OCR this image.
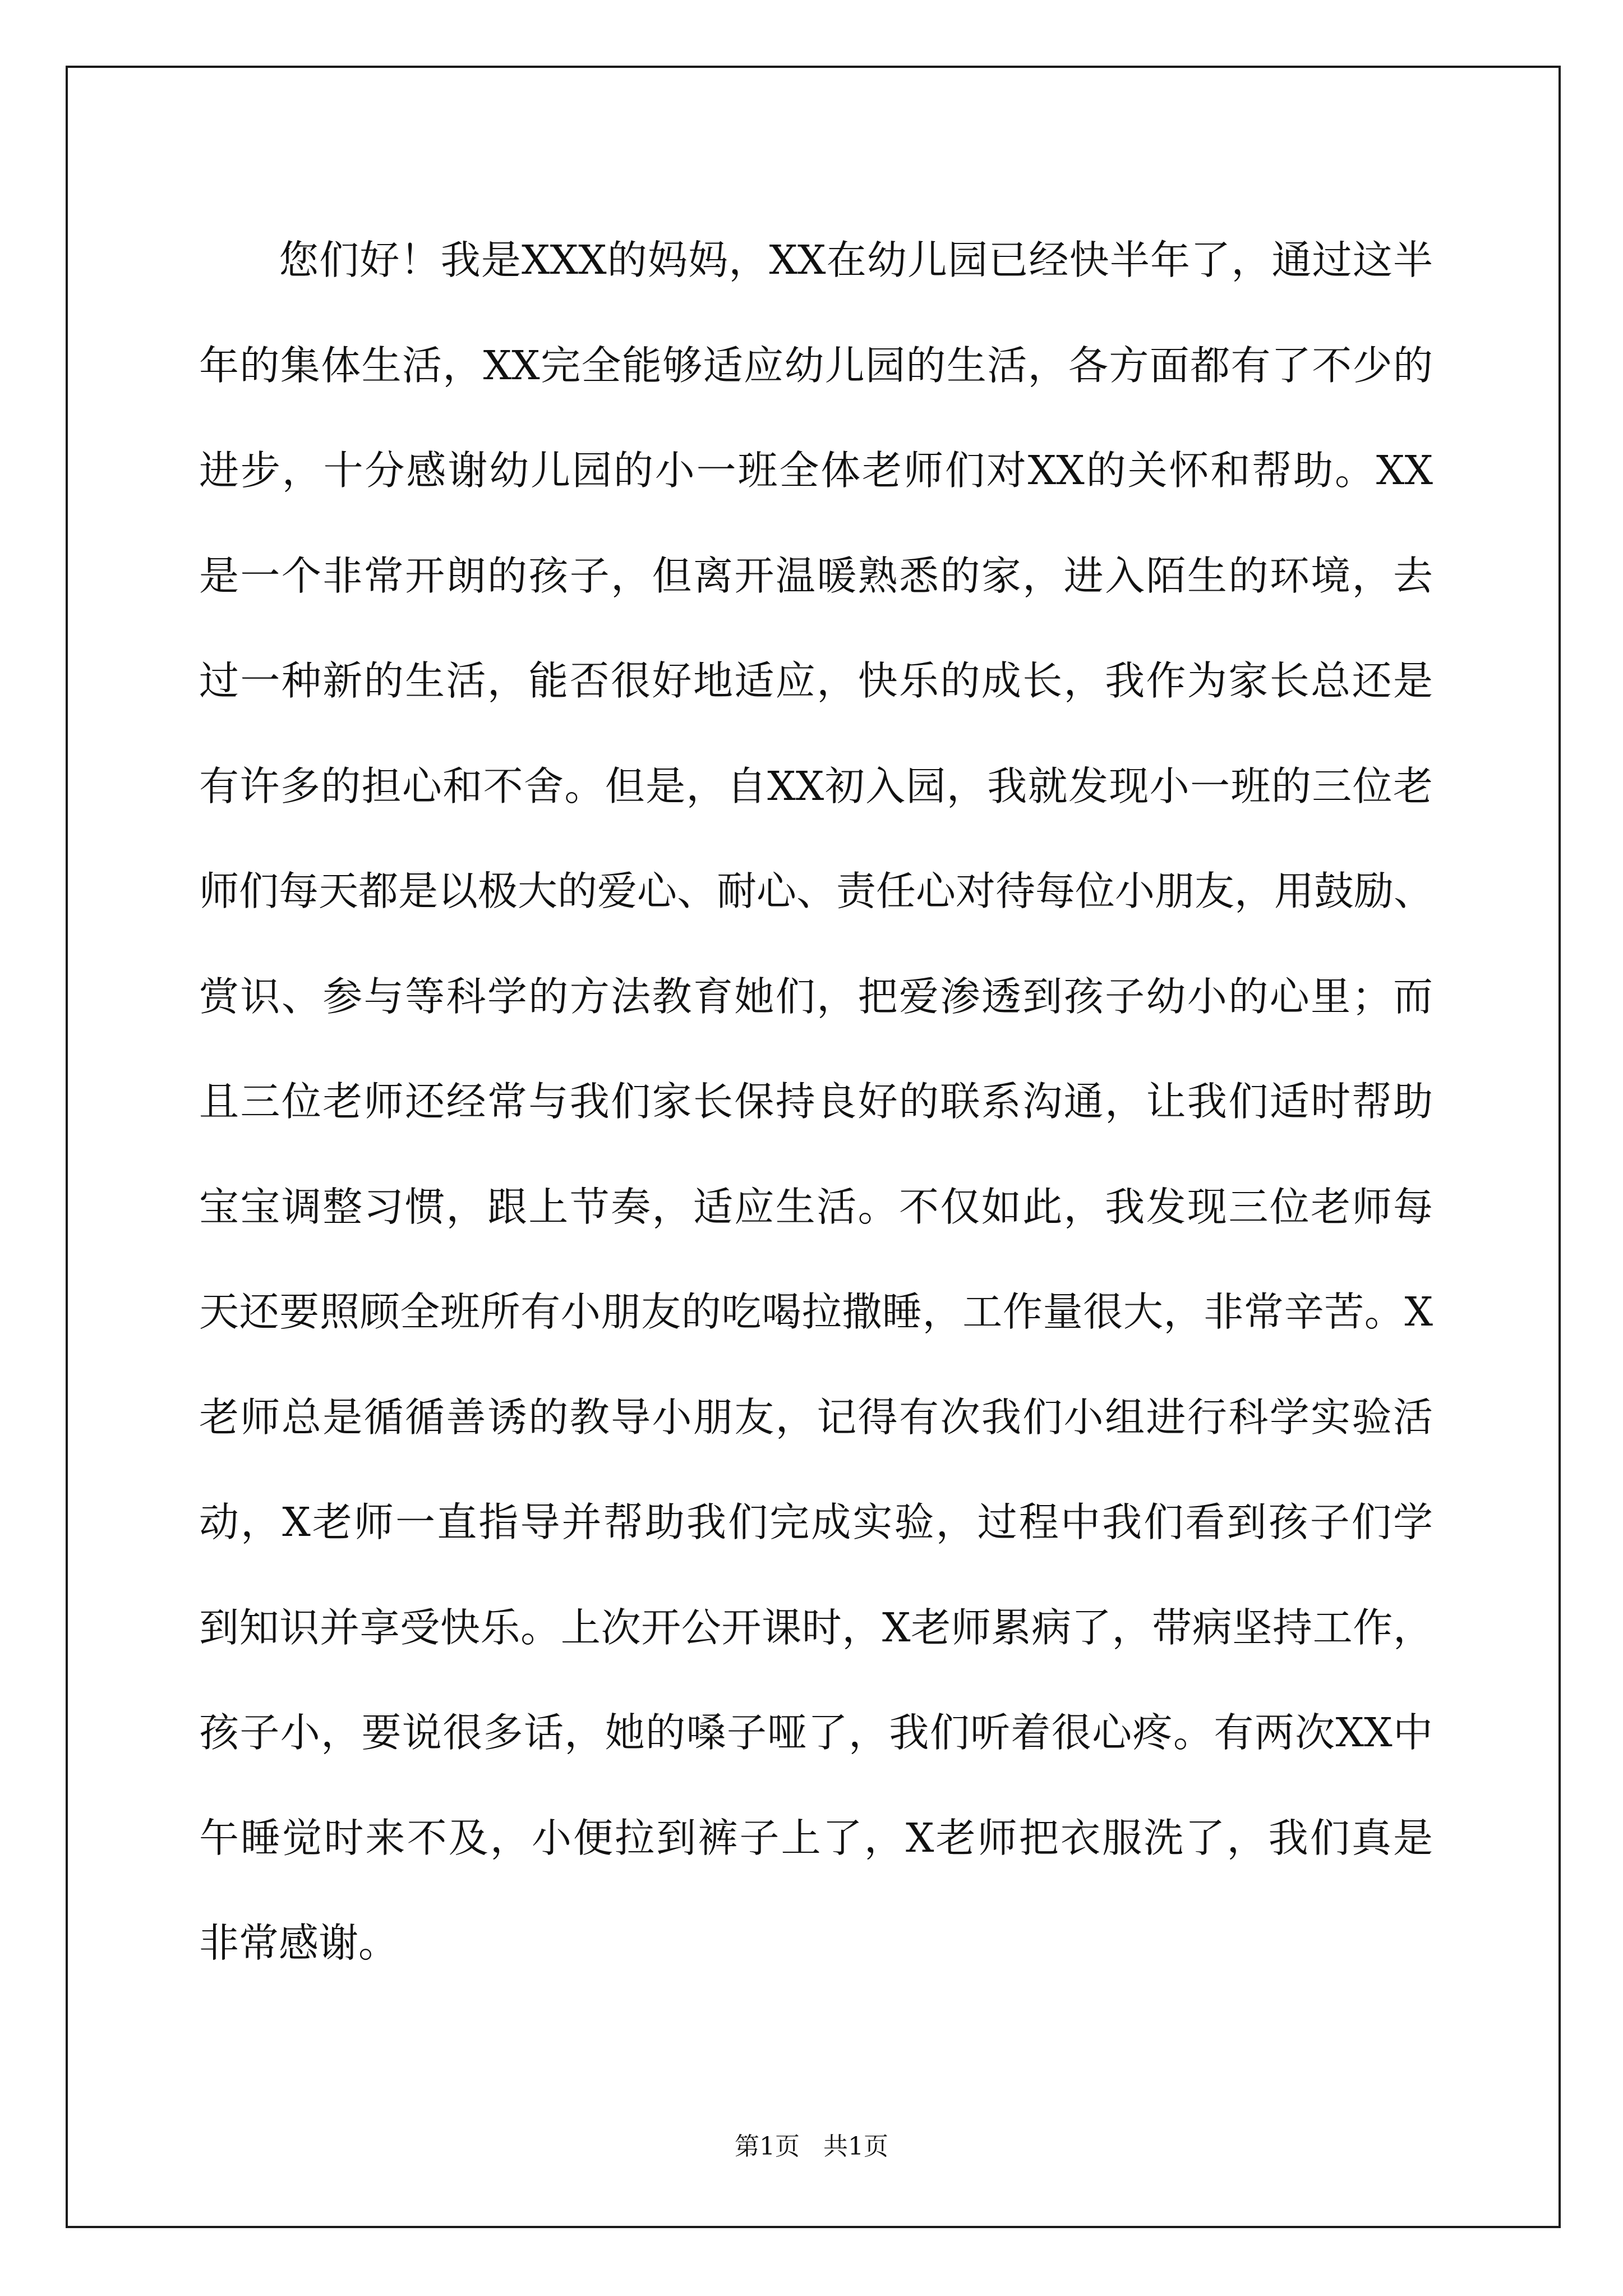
您们好！我是XXX的妈妈，XX在幼儿园已经快半年了，通过这半
年的集体生活，XX完全能够适应幼儿园的生活，各方面都有了不少的
进步，十分感谢幼儿园的小一班全体老师们对XX的关怀和帮助。XX
是一个非常开朗的孩子，但离开温暖熟悉的家，进入陌生的环境，去
过一种新的生活，能否很好地适应，快乐的成长，我作为家长总还是
有许多的担心和不舍。但是，自XX初入园，我就发现小一班的三位老
师们每天都是以极大的爱心、耐心、责任心对待每位小朋友，用鼓励、
赏识、参与等科学的方法教育她们，把爱渗透到孩子幼小的心里；而
且三位老师还经常与我们家长保持良好的联系沟通，让我们适时帮助
宝宝调整习惯，跟上节奏，适应生活。不仅如此，我发现三位老师每
天还要照顾全班所有小朋友的吃喝拉撒睡，工作量很大，非常辛苦。X
老师总是循循善诱的教导小朋友，记得有次我们小组进行科学实验活
动，X老师一直指导并帮助我们完成实验，过程中我们看到孩子们学
到知识并享受快乐。上次开公开课时，X老师累病了，带病坚持工作，
孩子小，要说很多话，她的嗓子哑了，我们听着很心疼。有两次XX中
午睡觉时来不及，小便拉到裤子上了，X老师把衣服洗了，我们真是
非常感谢。
第1页   共1页
